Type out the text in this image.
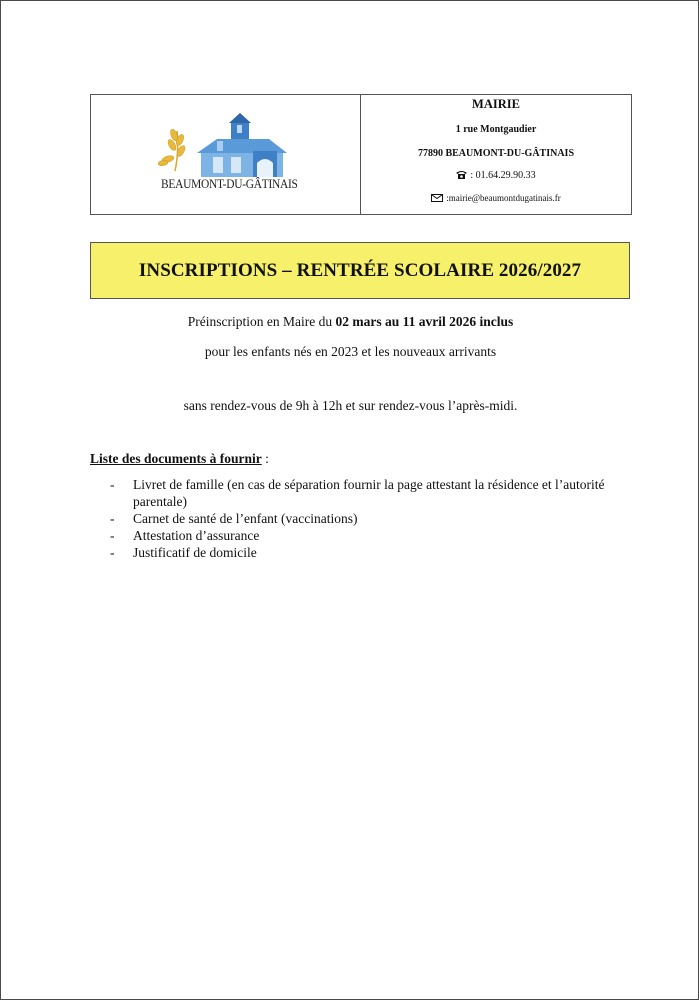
BEAUMONT-DU-GÂTINAIS
MAIRIE
1 rue Montgaudier
77890 BEAUMONT-DU-GÂTINAIS
: 01.64.29.90.33
:mairie@beaumontdugatinais.fr
INSCRIPTIONS – RENTRÉE SCOLAIRE 2026/2027
Préinscription en Maire du 02 mars au 11 avril 2026 inclus
pour les enfants nés en 2023 et les nouveaux arrivants
sans rendez-vous de 9h à 12h et sur rendez-vous l’après-midi.
Liste des documents à fournir :
- Livret de famille (en cas de séparation fournir la page attestant la résidence et l’autorité parentale)
- Carnet de santé de l’enfant (vaccinations)
- Attestation d’assurance
- Justificatif de domicile
